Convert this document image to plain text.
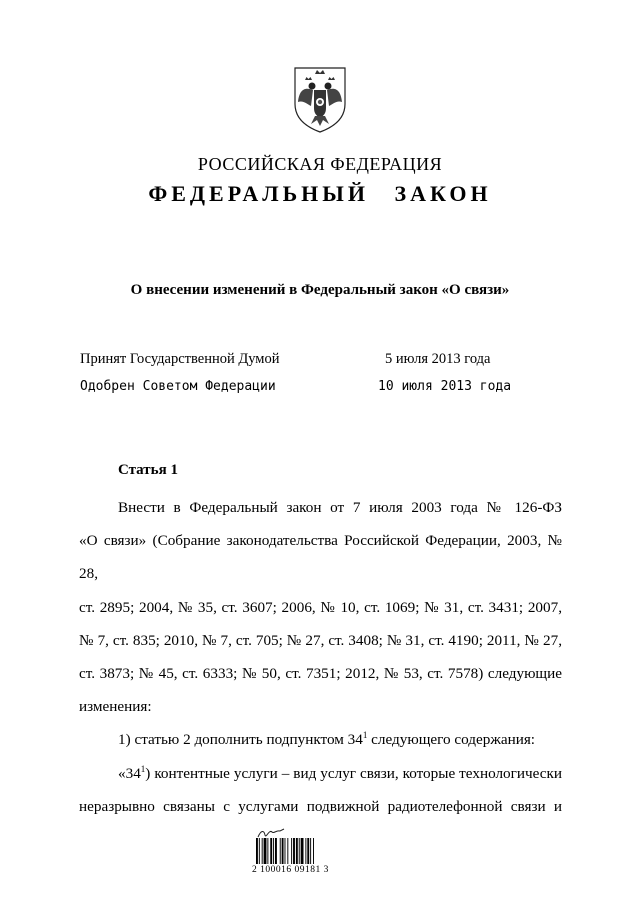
РОССИЙСКАЯ ФЕДЕРАЦИЯ
ФЕДЕРАЛЬНЫЙ ЗАКОН
О внесении изменений в Федеральный закон «О связи»
Принят Государственной Думой	5 июля 2013 года
Одобрен Советом Федерации	10 июля 2013 года
Статья 1
Внести в Федеральный закон от 7 июля 2003 года № 126-ФЗ
«О связи» (Собрание законодательства Российской Федерации, 2003, № 28,
ст. 2895; 2004, № 35, ст. 3607; 2006, № 10, ст. 1069; № 31, ст. 3431; 2007,
№ 7, ст. 835; 2010, № 7, ст. 705; № 27, ст. 3408; № 31, ст. 4190; 2011, № 27,
ст. 3873; № 45, ст. 6333; № 50, ст. 7351; 2012, № 53, ст. 7578) следующие
изменения:
1) статью 2 дополнить подпунктом $34^1$ следующего содержания:
«$34^1$) контентные услуги – вид услуг связи, которые технологически
неразрывно связаны с услугами подвижной радиотелефонной связи и
2 100016 09181 3
